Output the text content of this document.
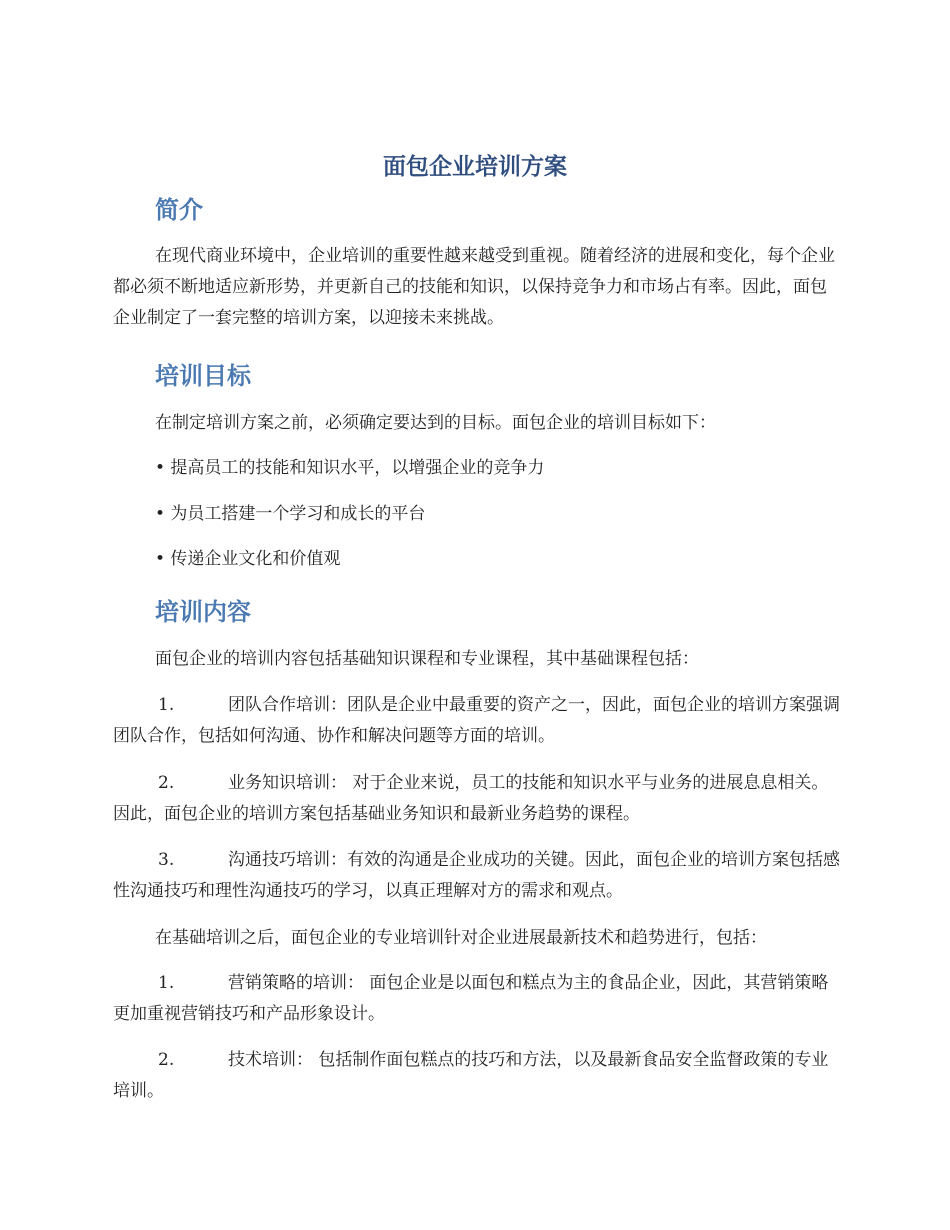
面包企业培训方案
简介

在现代商业环境中，企业培训的重要性越来越受到重视。随着经济的进展和变化，每个企业都必须不断地适应新形势，并更新自己的技能和知识，以保持竞争力和市场占有率。因此，面包企业制定了一套完整的培训方案，以迎接未来挑战。

培训目标

在制定培训方案之前，必须确定要达到的目标。面包企业的培训目标如下：

• 提高员工的技能和知识水平，以增强企业的竞争力

• 为员工搭建一个学习和成长的平台

• 传递企业文化和价值观

培训内容

面包企业的培训内容包括基础知识课程和专业课程，其中基础课程包括：

1.	团队合作培训：团队是企业中最重要的资产之一，因此，面包企业的培训方案强调团队合作，包括如何沟通、协作和解决问题等方面的培训。

2.	业务知识培训： 对于企业来说，员工的技能和知识水平与业务的进展息息相关。因此，面包企业的培训方案包括基础业务知识和最新业务趋势的课程。

3.	沟通技巧培训：有效的沟通是企业成功的关键。因此，面包企业的培训方案包括感性沟通技巧和理性沟通技巧的学习，以真正理解对方的需求和观点。

在基础培训之后，面包企业的专业培训针对企业进展最新技术和趋势进行，包括：

1.	营销策略的培训： 面包企业是以面包和糕点为主的食品企业，因此，其营销策略更加重视营销技巧和产品形象设计。

2.	技术培训： 包括制作面包糕点的技巧和方法，以及最新食品安全监督政策的专业培训。
